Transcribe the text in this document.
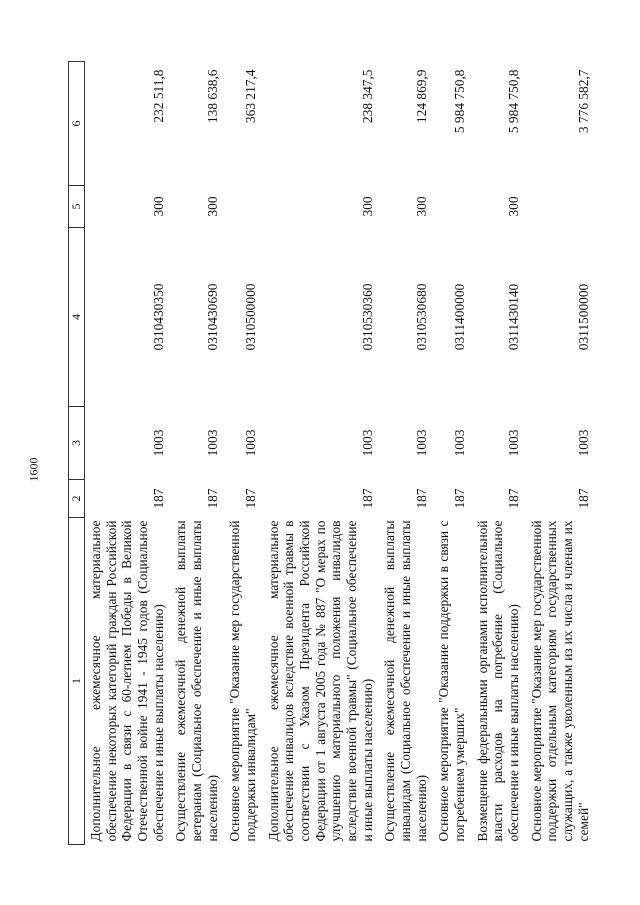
1600
1	2	3	4	5	6
Дополнительное ежемесячное материальное обеспечение некоторых категорий граждан Российской Федерации в связи с 60-летием Победы в Великой Отечественной войне 1941 - 1945 годов (Социальное обеспечение и иные выплаты населению)	187	1003	0310430350	300	232 511,8
Осуществление ежемесячной денежной выплаты ветеранам (Социальное обеспечение и иные выплаты населению)	187	1003	0310430690	300	138 638,6
Основное мероприятие "Оказание мер государственной поддержки инвалидам"	187	1003	0310500000		363 217,4
Дополнительное ежемесячное материальное обеспечение инвалидов вследствие военной травмы в соответствии с Указом Президента Российской Федерации от 1 августа 2005 года № 887 "О мерах по улучшению материального положения инвалидов вследствие военной травмы" (Социальное обеспечение и иные выплаты населению)	187	1003	0310530360	300	238 347,5
Осуществление ежемесячной денежной выплаты инвалидам (Социальное обеспечение и иные выплаты населению)	187	1003	0310530680	300	124 869,9
Основное мероприятие "Оказание поддержки в связи с погребением умерших"	187	1003	0311400000		5 984 750,8
Возмещение федеральными органами исполнительной власти расходов на погребение (Социальное обеспечение и иные выплаты населению)	187	1003	0311430140	300	5 984 750,8
Основное мероприятие "Оказание мер государственной поддержки отдельным категориям государственных служащих, а также уволенным из их числа и членам их семей"	187	1003	0311500000		3 776 582,7
